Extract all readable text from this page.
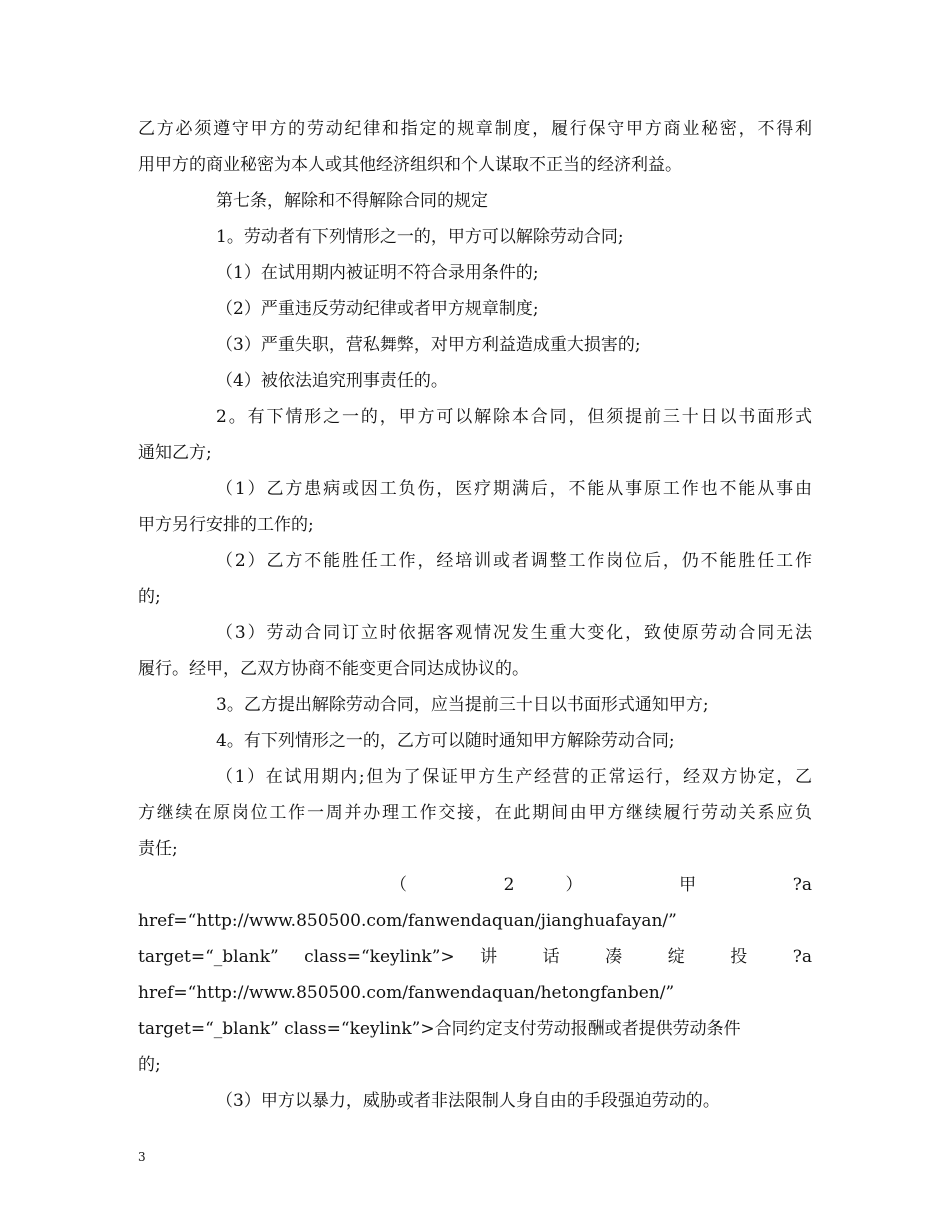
乙方必须遵守甲方的劳动纪律和指定的规章制度，履行保守甲方商业秘密，不得利
用甲方的商业秘密为本人或其他经济组织和个人谋取不正当的经济利益。
第七条，解除和不得解除合同的规定
1。劳动者有下列情形之一的，甲方可以解除劳动合同;
（1）在试用期内被证明不符合录用条件的;
（2）严重违反劳动纪律或者甲方规章制度;
（3）严重失职，营私舞弊，对甲方利益造成重大损害的;
（4）被依法追究刑事责任的。
2。有下情形之一的，甲方可以解除本合同，但须提前三十日以书面形式
通知乙方;
（1）乙方患病或因工负伤，医疗期满后，不能从事原工作也不能从事由
甲方另行安排的工作的;
（2）乙方不能胜任工作，经培训或者调整工作岗位后，仍不能胜任工作
的;
（3）劳动合同订立时依据客观情况发生重大变化，致使原劳动合同无法
履行。经甲，乙双方协商不能变更合同达成协议的。
3。乙方提出解除劳动合同，应当提前三十日以书面形式通知甲方;
4。有下列情形之一的，乙方可以随时通知甲方解除劳动合同;
（1）在试用期内;但为了保证甲方生产经营的正常运行，经双方协定，乙
方继续在原岗位工作一周并办理工作交接，在此期间由甲方继续履行劳动关系应负
责任;
（ 2 ） 甲 ?a
href=“http://www.850500.com/fanwendaquan/jianghuafayan/”
target=“_blank” class=“keylink”> 讲 话 凑 绽 投 ?a
href=“http://www.850500.com/fanwendaquan/hetongfanben/”
target=“_blank” class=“keylink”>合同约定支付劳动报酬或者提供劳动条件
的;
（3）甲方以暴力，威胁或者非法限制人身自由的手段强迫劳动的。
3
